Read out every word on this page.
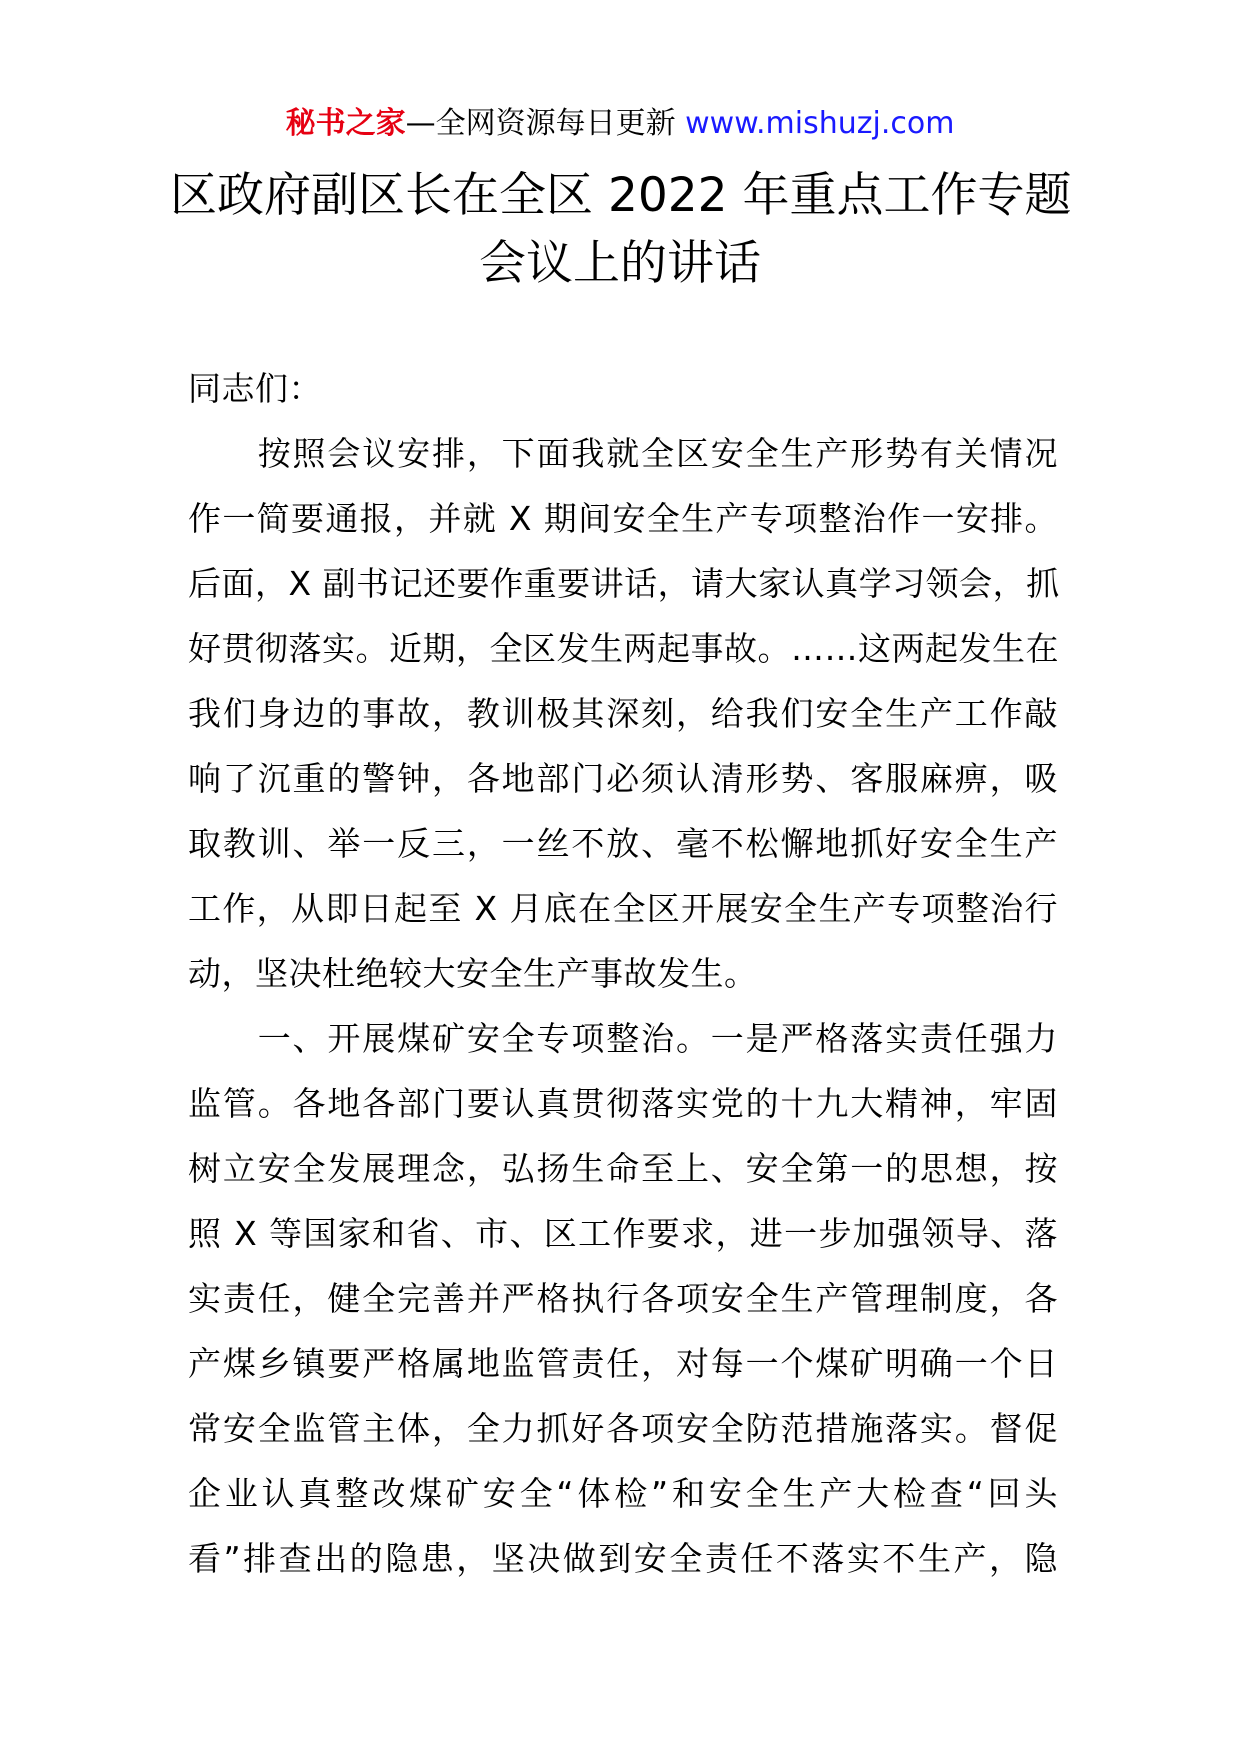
秘书之家—全网资源每日更新 www.mishuzj.com
区政府副区长在全区 2022 年重点工作专题
会议上的讲话
同志们：
　　按照会议安排，下面我就全区安全生产形势有关情况
作一简要通报，并就 X 期间安全生产专项整治作一安排。
后面，X 副书记还要作重要讲话，请大家认真学习领会，抓
好贯彻落实。近期，全区发生两起事故。……这两起发生在
我们身边的事故，教训极其深刻，给我们安全生产工作敲
响了沉重的警钟，各地部门必须认清形势、客服麻痹，吸
取教训、举一反三，一丝不放、毫不松懈地抓好安全生产
工作，从即日起至 X 月底在全区开展安全生产专项整治行
动，坚决杜绝较大安全生产事故发生。
　　一、开展煤矿安全专项整治。一是严格落实责任强力
监管。各地各部门要认真贯彻落实党的十九大精神，牢固
树立安全发展理念，弘扬生命至上、安全第一的思想，按
照 X 等国家和省、市、区工作要求，进一步加强领导、落
实责任，健全完善并严格执行各项安全生产管理制度，各
产煤乡镇要严格属地监管责任，对每一个煤矿明确一个日
常安全监管主体，全力抓好各项安全防范措施落实。督促
企业认真整改煤矿安全“体检”和安全生产大检查“回头
看”排查出的隐患，坚决做到安全责任不落实不生产，隐
